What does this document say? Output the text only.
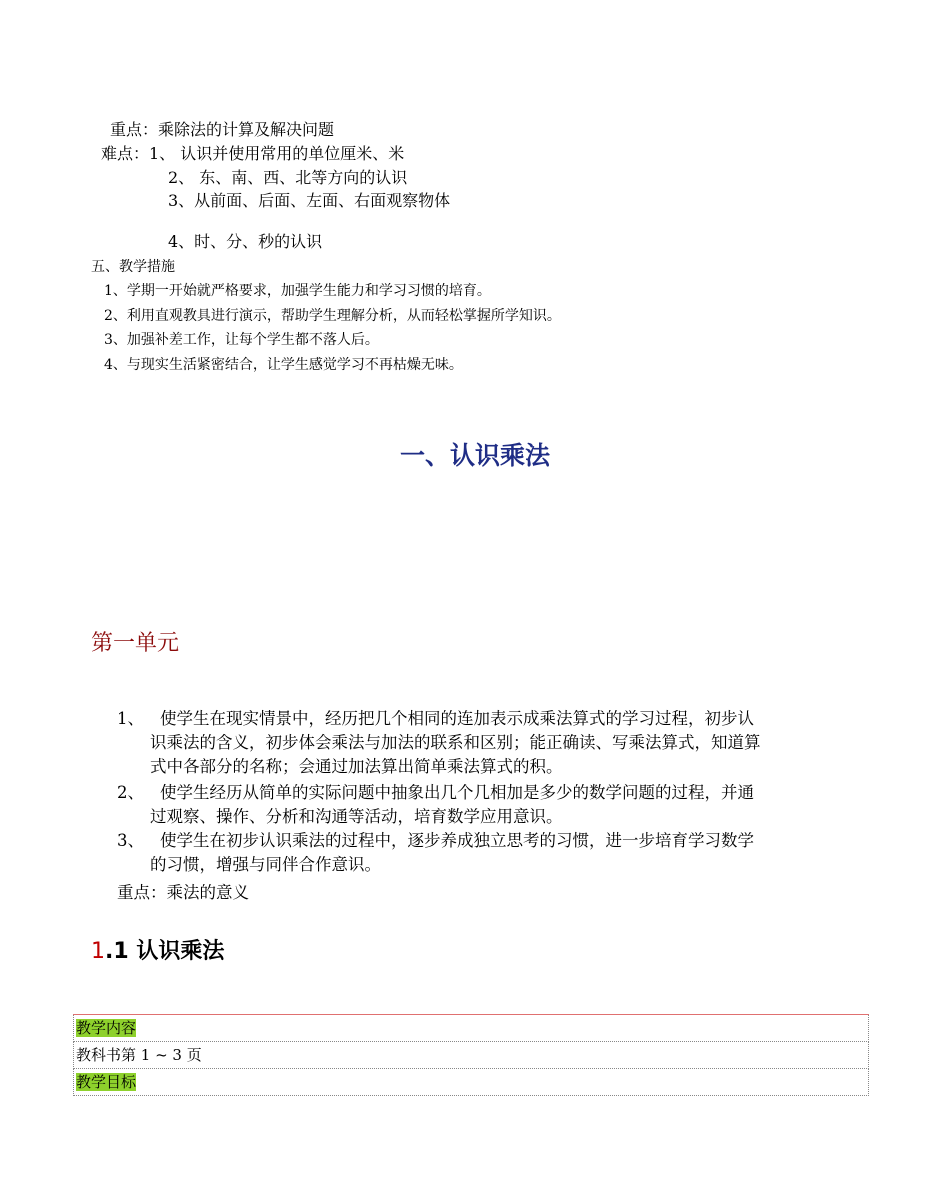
重点：乘除法的计算及解决问题
难点：1、 认识并使用常用的单位厘米、米
2、 东、南、西、北等方向的认识
3、从前面、后面、左面、右面观察物体
4、时、分、秒的认识
五、教学措施
1、学期一开始就严格要求，加强学生能力和学习习惯的培育。
2、利用直观教具进行演示，帮助学生理解分析，从而轻松掌握所学知识。
3、加强补差工作，让每个学生都不落人后。
4、与现实生活紧密结合，让学生感觉学习不再枯燥无味。
一、认识乘法
第一单元
1、 使学生在现实情景中，经历把几个相同的连加表示成乘法算式的学习过程，初步认
识乘法的含义，初步体会乘法与加法的联系和区别；能正确读、写乘法算式，知道算
式中各部分的名称；会通过加法算出简单乘法算式的积。
2、 使学生经历从简单的实际问题中抽象出几个几相加是多少的数学问题的过程，并通
过观察、操作、分析和沟通等活动，培育数学应用意识。
3、 使学生在初步认识乘法的过程中，逐步养成独立思考的习惯，进一步培育学习数学
的习惯，增强与同伴合作意识。
重点：乘法的意义
1.1 认识乘法
教学内容
教科书第 1 ~ 3 页
教学目标
